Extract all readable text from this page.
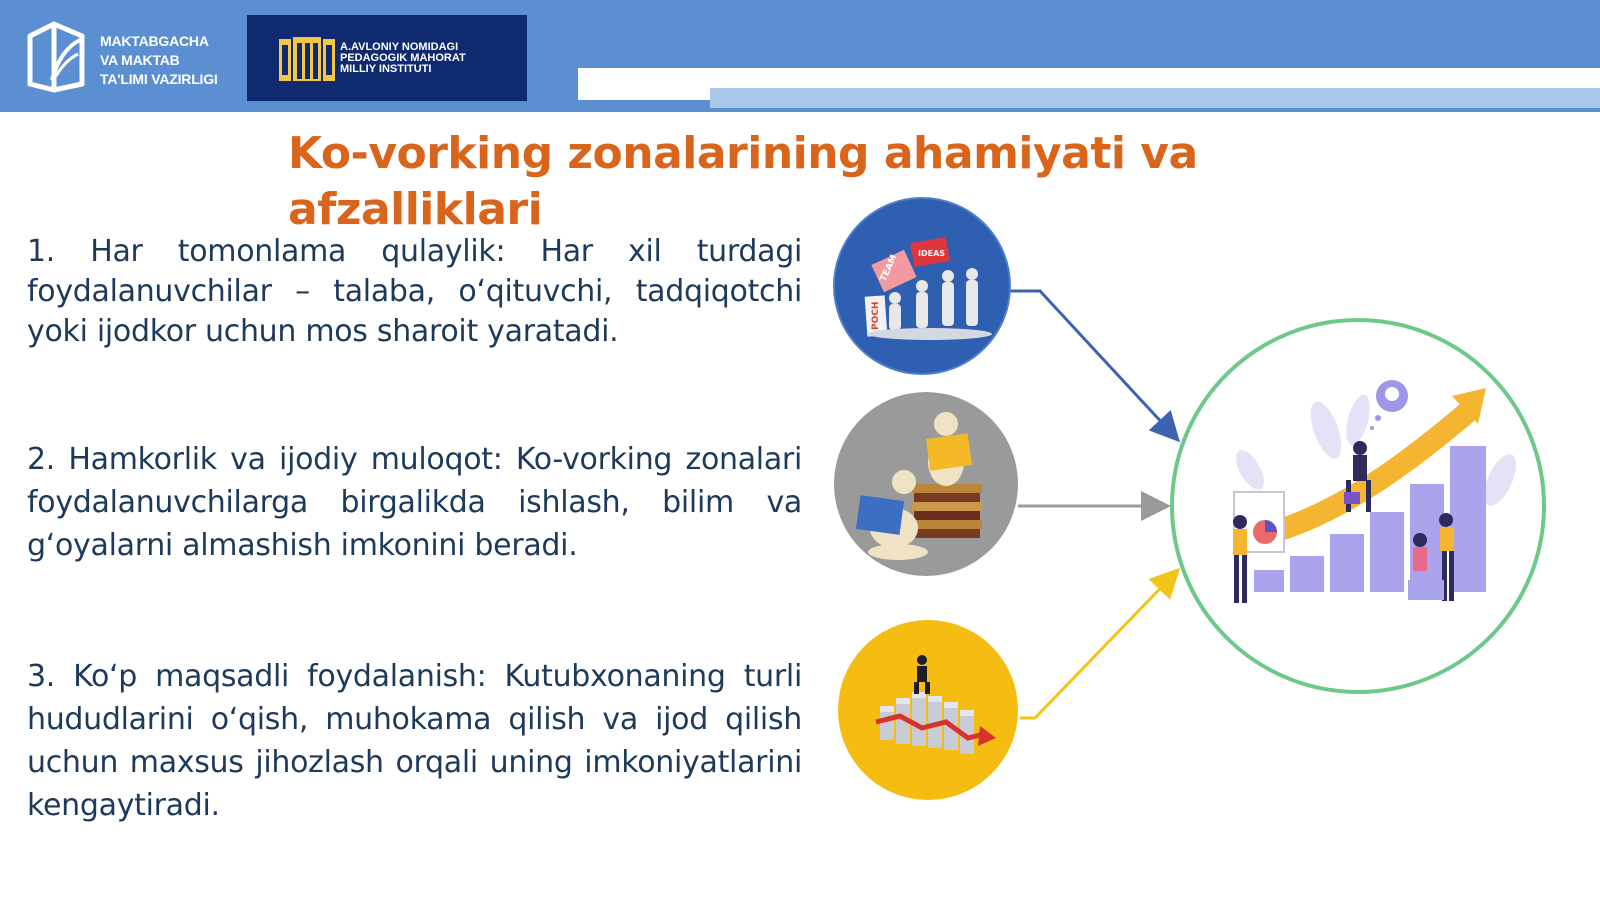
MAKTABGACHA
VA MAKTAB
TA'LIMI VAZIRLIGI
A.AVLONIY NOMIDAGI
PEDAGOGIK MAHORAT
MILLIY INSTITUTI
Ko-vorking zonalarining ahamiyati va afzalliklari

1. Har tomonlama qulaylik: Har xil turdagi foydalanuvchilar – talaba, o‘qituvchi, tadqiqotchi yoki ijodkor uchun mos sharoit yaratadi.

2. Hamkorlik va ijodiy muloqot: Ko-vorking zonalari foydalanuvchilarga birgalikda ishlash, bilim va g‘oyalarni almashish imkonini beradi.

3. Ko‘p maqsadli foydalanish: Kutubxonaning turli hududlarini o‘qish, muhokama qilish va ijod qilish uchun maxsus jihozlash orqali uning imkoniyatlarini kengaytiradi.

POCH
TEAM IDEAS
